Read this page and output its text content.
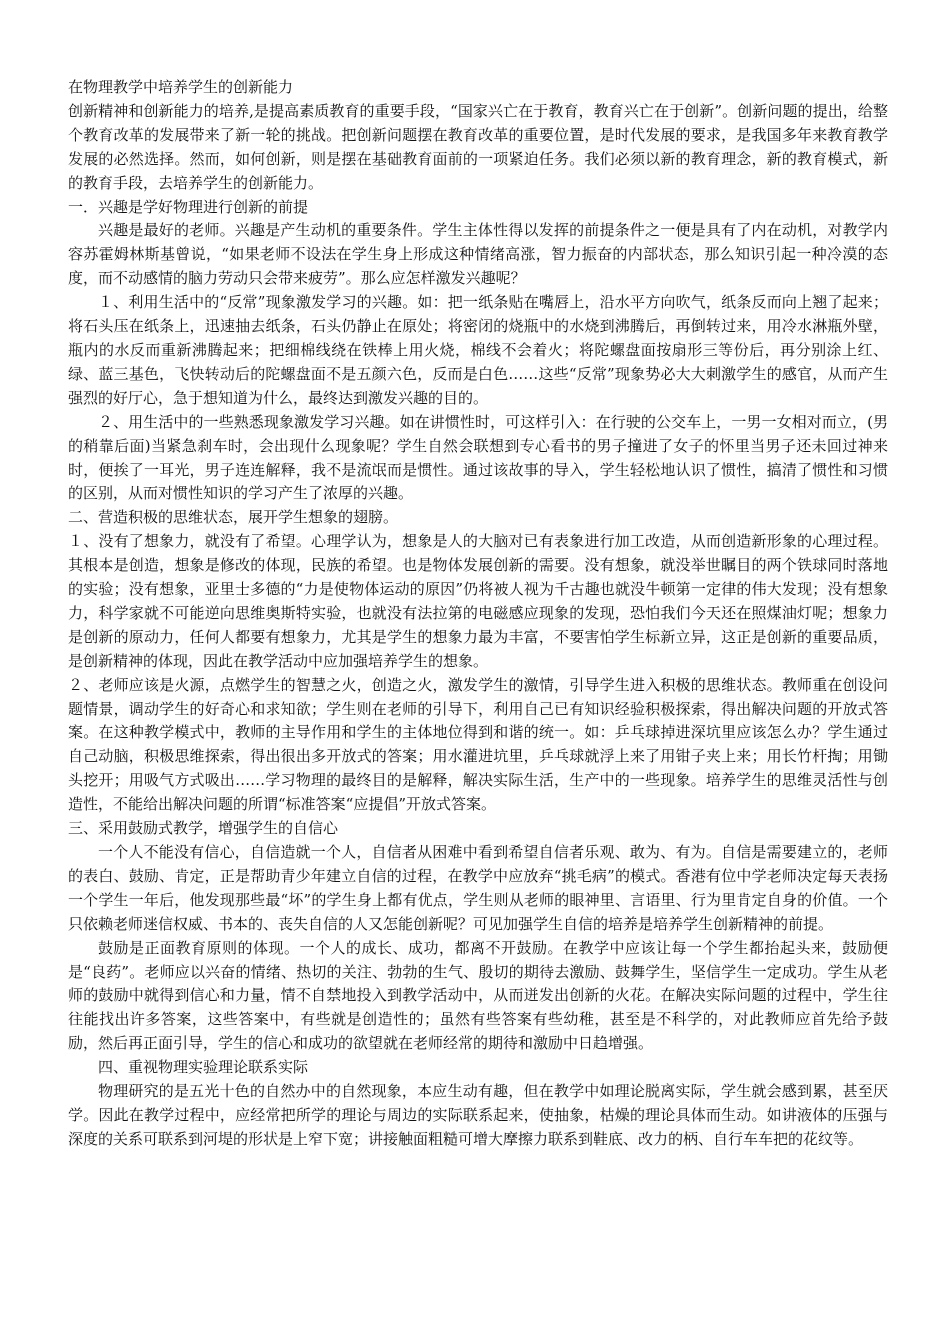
在物理教学中培养学生的创新能力

创新精神和创新能力的培养,是提高素质教育的重要手段，“国家兴亡在于教育，教育兴亡在于创新”。创新问题的提出，给整个教育改革的发展带来了新一轮的挑战。把创新问题摆在教育改革的重要位置，是时代发展的要求，是我国多年来教育教学发展的必然选择。然而，如何创新，则是摆在基础教育面前的一项紧迫任务。我们必须以新的教育理念，新的教育模式，新的教育手段，去培养学生的创新能力。

一．兴趣是学好物理进行创新的前提

兴趣是最好的老师。兴趣是产生动机的重要条件。学生主体性得以发挥的前提条件之一便是具有了内在动机，对教学内容苏霍姆林斯基曾说，“如果老师不设法在学生身上形成这种情绪高涨，智力振奋的内部状态，那么知识引起一种冷漠的态度，而不动感情的脑力劳动只会带来疲劳”。那么应怎样激发兴趣呢？

１、利用生活中的“反常”现象激发学习的兴趣。如：把一纸条贴在嘴唇上，沿水平方向吹气，纸条反而向上翘了起来；将石头压在纸条上，迅速抽去纸条，石头仍静止在原处；将密闭的烧瓶中的水烧到沸腾后，再倒转过来，用冷水淋瓶外壁，瓶内的水反而重新沸腾起来；把细棉线绕在铁棒上用火烧，棉线不会着火；将陀螺盘面按扇形三等份后，再分别涂上红、绿、蓝三基色，飞快转动后的陀螺盘面不是五颜六色，反而是白色……这些“反常”现象势必大大刺激学生的感官，从而产生强烈的好厅心，急于想知道为什么，最终达到激发兴趣的目的。

２、用生活中的一些熟悉现象激发学习兴趣。如在讲惯性时，可这样引入：在行驶的公交车上，一男一女相对而立，(男的稍靠后面)当紧急刹车时，会出现什么现象呢？学生自然会联想到专心看书的男子撞进了女子的怀里当男子还未回过神来时，便挨了一耳光，男子连连解释，我不是流氓而是惯性。通过该故事的导入，学生轻松地认识了惯性，搞清了惯性和习惯的区别，从而对惯性知识的学习产生了浓厚的兴趣。

二、营造积极的思维状态，展开学生想象的翅膀。

１、没有了想象力，就没有了希望。心理学认为，想象是人的大脑对已有表象进行加工改造，从而创造新形象的心理过程。其根本是创造，想象是修改的体现，民族的希望。也是物体发展创新的需要。没有想象，就没举世瞩目的两个铁球同时落地的实验；没有想象，亚里士多德的“力是使物体运动的原因”仍将被人视为千古趣也就没牛顿第一定律的伟大发现；没有想象力，科学家就不可能逆向思维奥斯特实验，也就没有法拉第的电磁感应现象的发现，恐怕我们今天还在照煤油灯呢；想象力是创新的原动力，任何人都要有想象力，尤其是学生的想象力最为丰富，不要害怕学生标新立异，这正是创新的重要品质，是创新精神的体现，因此在教学活动中应加强培养学生的想象。

２、老师应该是火源，点燃学生的智慧之火，创造之火，激发学生的激情，引导学生进入积极的思维状态。教师重在创设问题情景，调动学生的好奇心和求知欲；学生则在老师的引导下，利用自己已有知识经验积极探索，得出解决问题的开放式答案。在这种教学模式中，教师的主导作用和学生的主体地位得到和谐的统一。如：乒乓球掉进深坑里应该怎么办？学生通过自己动脑，积极思维探索，得出很出多开放式的答案；用水灌进坑里，乒乓球就浮上来了用钳子夹上来；用长竹杆掏；用锄头挖开；用吸气方式吸出……学习物理的最终目的是解释，解决实际生活，生产中的一些现象。培养学生的思维灵活性与创造性，不能给出解决问题的所谓“标准答案“应提倡”开放式答案。

三、采用鼓励式教学，增强学生的自信心

一个人不能没有信心，自信造就一个人，自信者从困难中看到希望自信者乐观、敢为、有为。自信是需要建立的，老师的表白、鼓励、肯定，正是帮助青少年建立自信的过程，在教学中应放弃“挑毛病”的模式。香港有位中学老师决定每天表扬一个学生一年后，他发现那些最“坏”的学生身上都有优点，学生则从老师的眼神里、言语里、行为里肯定自身的价值。一个只依赖老师迷信权威、书本的、丧失自信的人又怎能创新呢？可见加强学生自信的培养是培养学生创新精神的前提。

鼓励是正面教育原则的体现。一个人的成长、成功，都离不开鼓励。在教学中应该让每一个学生都抬起头来，鼓励便是“良药”。老师应以兴奋的情绪、热切的关注、勃勃的生气、殷切的期待去激励、鼓舞学生，坚信学生一定成功。学生从老师的鼓励中就得到信心和力量，情不自禁地投入到教学活动中，从而迸发出创新的火花。在解决实际问题的过程中，学生往往能找出许多答案，这些答案中，有些就是创造性的；虽然有些答案有些幼稚，甚至是不科学的，对此教师应首先给予鼓励，然后再正面引导，学生的信心和成功的欲望就在老师经常的期待和激励中日趋增强。

四、重视物理实验理论联系实际

物理研究的是五光十色的自然办中的自然现象，本应生动有趣，但在教学中如理论脱离实际，学生就会感到累，甚至厌学。因此在教学过程中，应经常把所学的理论与周边的实际联系起来，使抽象，枯燥的理论具体而生动。如讲液体的压强与深度的关系可联系到河堤的形状是上窄下宽；讲接触面粗糙可增大摩擦力联系到鞋底、改力的柄、自行车车把的花纹等。
